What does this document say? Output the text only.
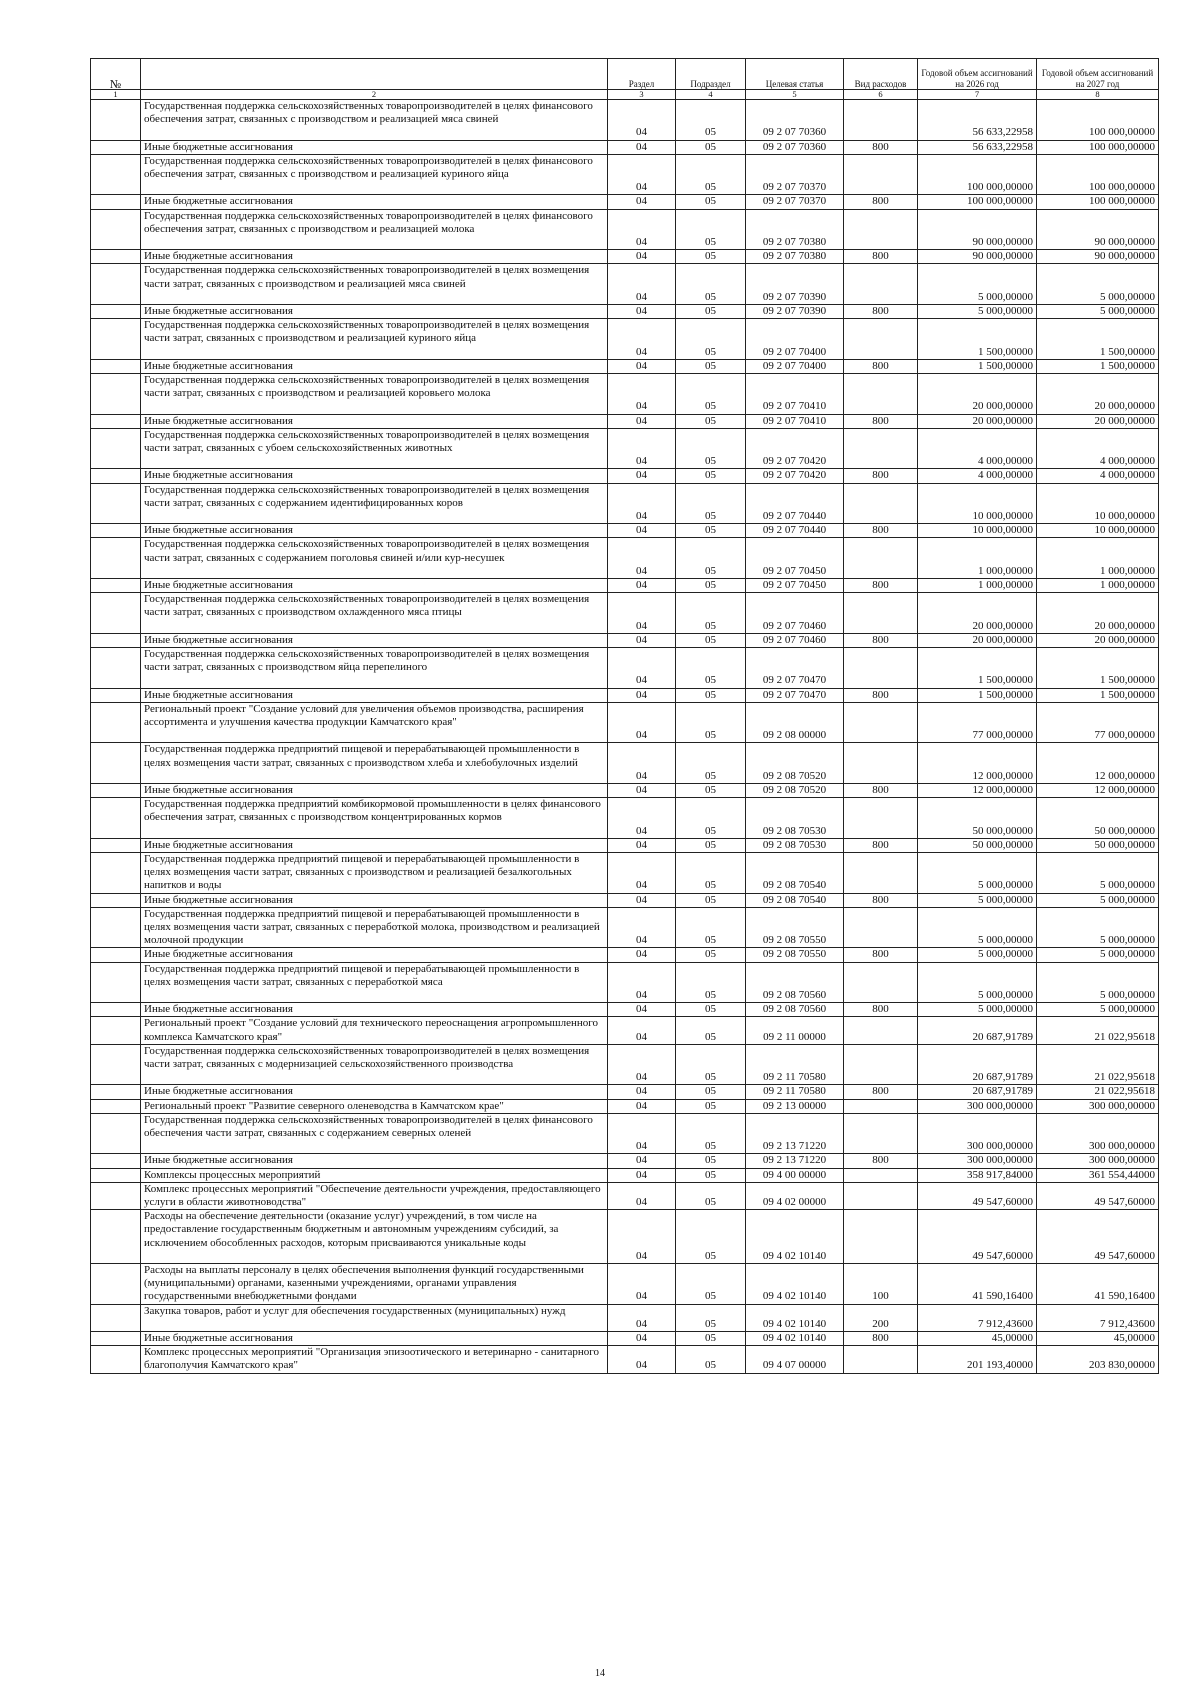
№		Раздел	Подраздел	Целевая статья	Вид расходов	Годовой объем ассигнований на 2026 год	Годовой объем ассигнований на 2027 год
1	2	3	4	5	6	7	8
	Государственная поддержка сельскохозяйственных товаропроизводителей в целях финансового обеспечения затрат, связанных с производством и реализацией мяса свиней	04	05	09 2 07 70360		56 633,22958	100 000,00000
	Иные бюджетные ассигнования	04	05	09 2 07 70360	800	56 633,22958	100 000,00000
	Государственная поддержка сельскохозяйственных товаропроизводителей в целях финансового обеспечения затрат, связанных с производством и реализацией куриного яйца	04	05	09 2 07 70370		100 000,00000	100 000,00000
	Иные бюджетные ассигнования	04	05	09 2 07 70370	800	100 000,00000	100 000,00000
	Государственная поддержка сельскохозяйственных товаропроизводителей в целях финансового обеспечения затрат, связанных с производством и реализацией молока	04	05	09 2 07 70380		90 000,00000	90 000,00000
	Иные бюджетные ассигнования	04	05	09 2 07 70380	800	90 000,00000	90 000,00000
	Государственная поддержка сельскохозяйственных товаропроизводителей в целях возмещения части затрат, связанных с производством и реализацией мяса свиней	04	05	09 2 07 70390		5 000,00000	5 000,00000
	Иные бюджетные ассигнования	04	05	09 2 07 70390	800	5 000,00000	5 000,00000
	Государственная поддержка сельскохозяйственных товаропроизводителей в целях возмещения части затрат, связанных с производством и реализацией куриного яйца	04	05	09 2 07 70400		1 500,00000	1 500,00000
	Иные бюджетные ассигнования	04	05	09 2 07 70400	800	1 500,00000	1 500,00000
	Государственная поддержка сельскохозяйственных товаропроизводителей в целях возмещения части затрат, связанных с производством и реализацией коровьего молока	04	05	09 2 07 70410		20 000,00000	20 000,00000
	Иные бюджетные ассигнования	04	05	09 2 07 70410	800	20 000,00000	20 000,00000
	Государственная поддержка сельскохозяйственных товаропроизводителей в целях возмещения части затрат, связанных с убоем сельскохозяйственных животных	04	05	09 2 07 70420		4 000,00000	4 000,00000
	Иные бюджетные ассигнования	04	05	09 2 07 70420	800	4 000,00000	4 000,00000
	Государственная поддержка сельскохозяйственных товаропроизводителей в целях возмещения части затрат, связанных с содержанием идентифицированных коров	04	05	09 2 07 70440		10 000,00000	10 000,00000
	Иные бюджетные ассигнования	04	05	09 2 07 70440	800	10 000,00000	10 000,00000
	Государственная поддержка сельскохозяйственных товаропроизводителей в целях возмещения части затрат, связанных с содержанием поголовья свиней и/или кур-несушек	04	05	09 2 07 70450		1 000,00000	1 000,00000
	Иные бюджетные ассигнования	04	05	09 2 07 70450	800	1 000,00000	1 000,00000
	Государственная поддержка сельскохозяйственных товаропроизводителей в целях возмещения части затрат, связанных с производством охлажденного мяса птицы	04	05	09 2 07 70460		20 000,00000	20 000,00000
	Иные бюджетные ассигнования	04	05	09 2 07 70460	800	20 000,00000	20 000,00000
	Государственная поддержка сельскохозяйственных товаропроизводителей в целях возмещения части затрат, связанных с производством яйца перепелиного	04	05	09 2 07 70470		1 500,00000	1 500,00000
	Иные бюджетные ассигнования	04	05	09 2 07 70470	800	1 500,00000	1 500,00000
	Региональный проект "Создание условий для увеличения объемов производства, расширения ассортимента и улучшения качества продукции Камчатского края"	04	05	09 2 08 00000		77 000,00000	77 000,00000
	Государственная поддержка предприятий пищевой и перерабатывающей промышленности в целях возмещения части затрат, связанных с производством хлеба и хлебобулочных изделий	04	05	09 2 08 70520		12 000,00000	12 000,00000
	Иные бюджетные ассигнования	04	05	09 2 08 70520	800	12 000,00000	12 000,00000
	Государственная поддержка предприятий комбикормовой промышленности в целях финансового обеспечения затрат, связанных с производством концентрированных кормов	04	05	09 2 08 70530		50 000,00000	50 000,00000
	Иные бюджетные ассигнования	04	05	09 2 08 70530	800	50 000,00000	50 000,00000
	Государственная поддержка предприятий пищевой и перерабатывающей промышленности в целях возмещения части затрат, связанных с производством и реализацией безалкогольных напитков и воды	04	05	09 2 08 70540		5 000,00000	5 000,00000
	Иные бюджетные ассигнования	04	05	09 2 08 70540	800	5 000,00000	5 000,00000
	Государственная поддержка предприятий пищевой и перерабатывающей промышленности в целях возмещения части затрат, связанных с переработкой молока, производством и реализацией молочной продукции	04	05	09 2 08 70550		5 000,00000	5 000,00000
	Иные бюджетные ассигнования	04	05	09 2 08 70550	800	5 000,00000	5 000,00000
	Государственная поддержка предприятий пищевой и перерабатывающей промышленности в целях возмещения части затрат, связанных с переработкой мяса	04	05	09 2 08 70560		5 000,00000	5 000,00000
	Иные бюджетные ассигнования	04	05	09 2 08 70560	800	5 000,00000	5 000,00000
	Региональный проект "Создание условий для технического переоснащения агропромышленного комплекса Камчатского края"	04	05	09 2 11 00000		20 687,91789	21 022,95618
	Государственная поддержка сельскохозяйственных товаропроизводителей в целях возмещения части затрат, связанных с модернизацией сельскохозяйственного производства	04	05	09 2 11 70580		20 687,91789	21 022,95618
	Иные бюджетные ассигнования	04	05	09 2 11 70580	800	20 687,91789	21 022,95618
	Региональный проект "Развитие северного оленеводства в Камчатском крае"	04	05	09 2 13 00000		300 000,00000	300 000,00000
	Государственная поддержка сельскохозяйственных товаропроизводителей в целях финансового обеспечения части затрат, связанных с содержанием северных оленей	04	05	09 2 13 71220		300 000,00000	300 000,00000
	Иные бюджетные ассигнования	04	05	09 2 13 71220	800	300 000,00000	300 000,00000
	Комплексы процессных мероприятий	04	05	09 4 00 00000		358 917,84000	361 554,44000
	Комплекс процессных мероприятий "Обеспечение деятельности учреждения, предоставляющего услуги в области животноводства"	04	05	09 4 02 00000		49 547,60000	49 547,60000
	Расходы на обеспечение деятельности (оказание услуг) учреждений, в том числе на предоставление государственным бюджетным и автономным учреждениям субсидий, за исключением обособленных расходов, которым присваиваются уникальные коды	04	05	09 4 02 10140		49 547,60000	49 547,60000
	Расходы на выплаты персоналу в целях обеспечения выполнения функций государственными (муниципальными) органами, казенными учреждениями, органами управления государственными внебюджетными фондами	04	05	09 4 02 10140	100	41 590,16400	41 590,16400
	Закупка товаров, работ и услуг для обеспечения государственных (муниципальных) нужд	04	05	09 4 02 10140	200	7 912,43600	7 912,43600
	Иные бюджетные ассигнования	04	05	09 4 02 10140	800	45,00000	45,00000
	Комплекс процессных мероприятий "Организация эпизоотического и ветеринарно - санитарного благополучия Камчатского края"	04	05	09 4 07 00000		201 193,40000	203 830,00000
14
